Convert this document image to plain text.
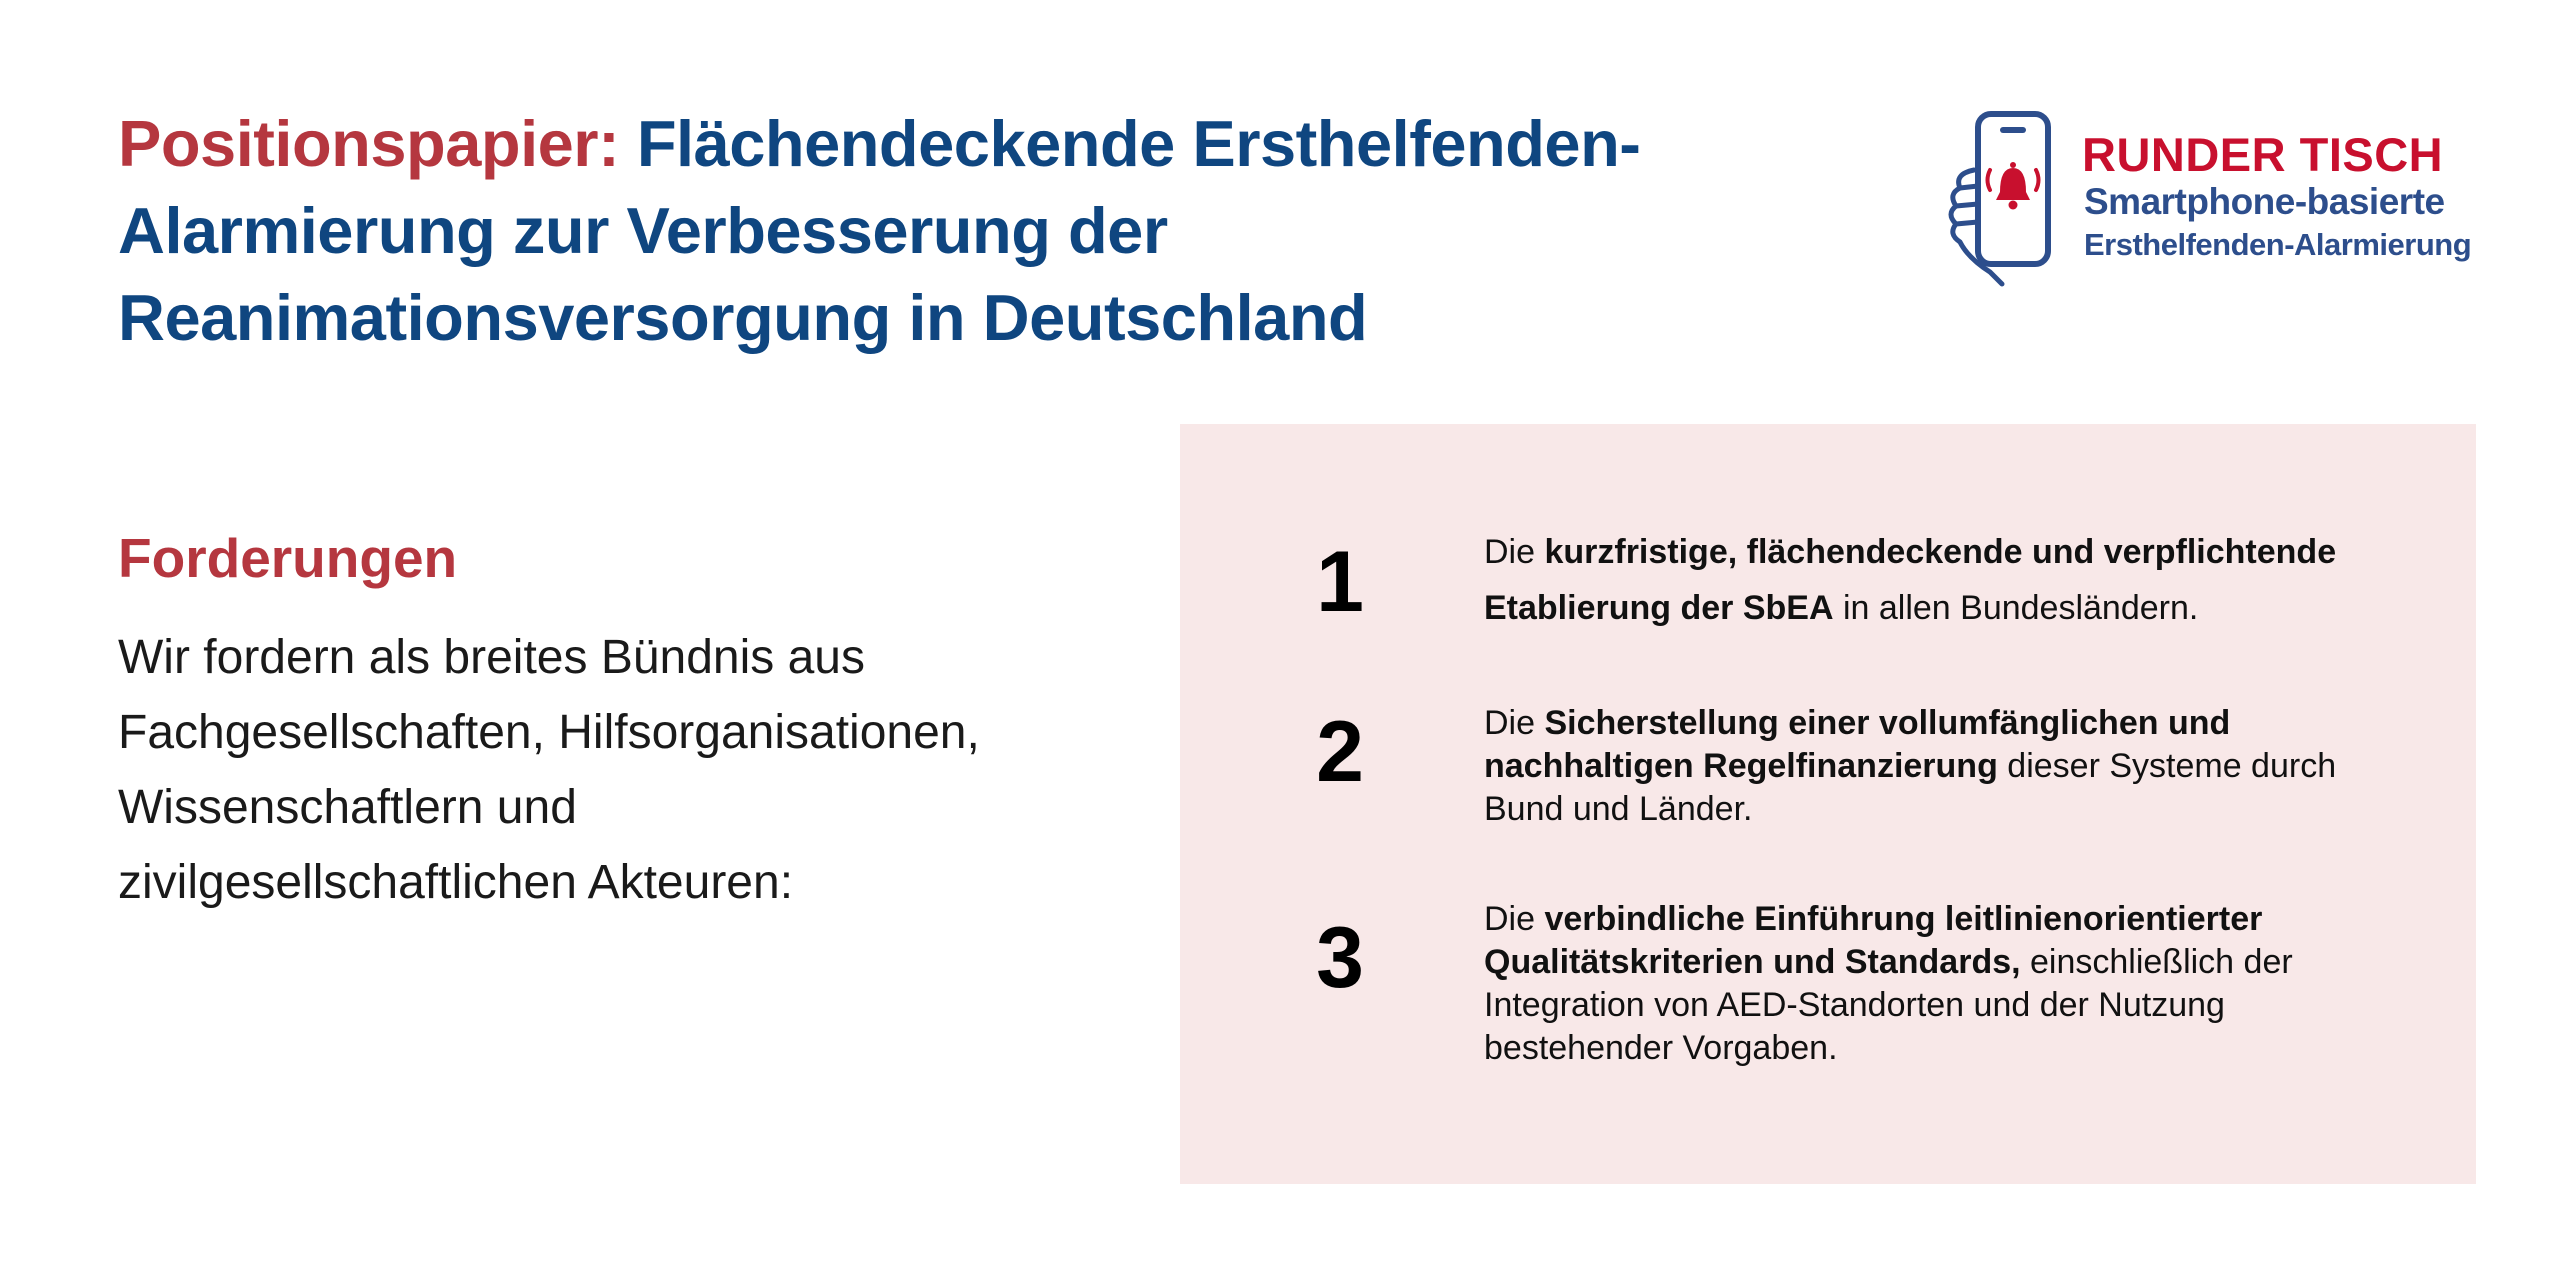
Positionspapier: Flächendeckende Ersthelfenden-Alarmierung zur Verbesserung der Reanimationsversorgung in Deutschland
RUNDER TISCH
Smartphone-basierte
Ersthelfenden-Alarmierung
Forderungen

Wir fordern als breites Bündnis aus Fachgesellschaften, Hilfsorganisationen, Wissenschaftlern und zivilgesellschaftlichen Akteuren:

1	Die kurzfristige, flächendeckende und verpflichtende Etablierung der SbEA in allen Bundesländern.
2	Die Sicherstellung einer vollumfänglichen und nachhaltigen Regelfinanzierung dieser Systeme durch Bund und Länder.
3	Die verbindliche Einführung leitlinienorientierter Qualitätskriterien und Standards, einschließlich der Integration von AED-Standorten und der Nutzung bestehender Vorgaben.
